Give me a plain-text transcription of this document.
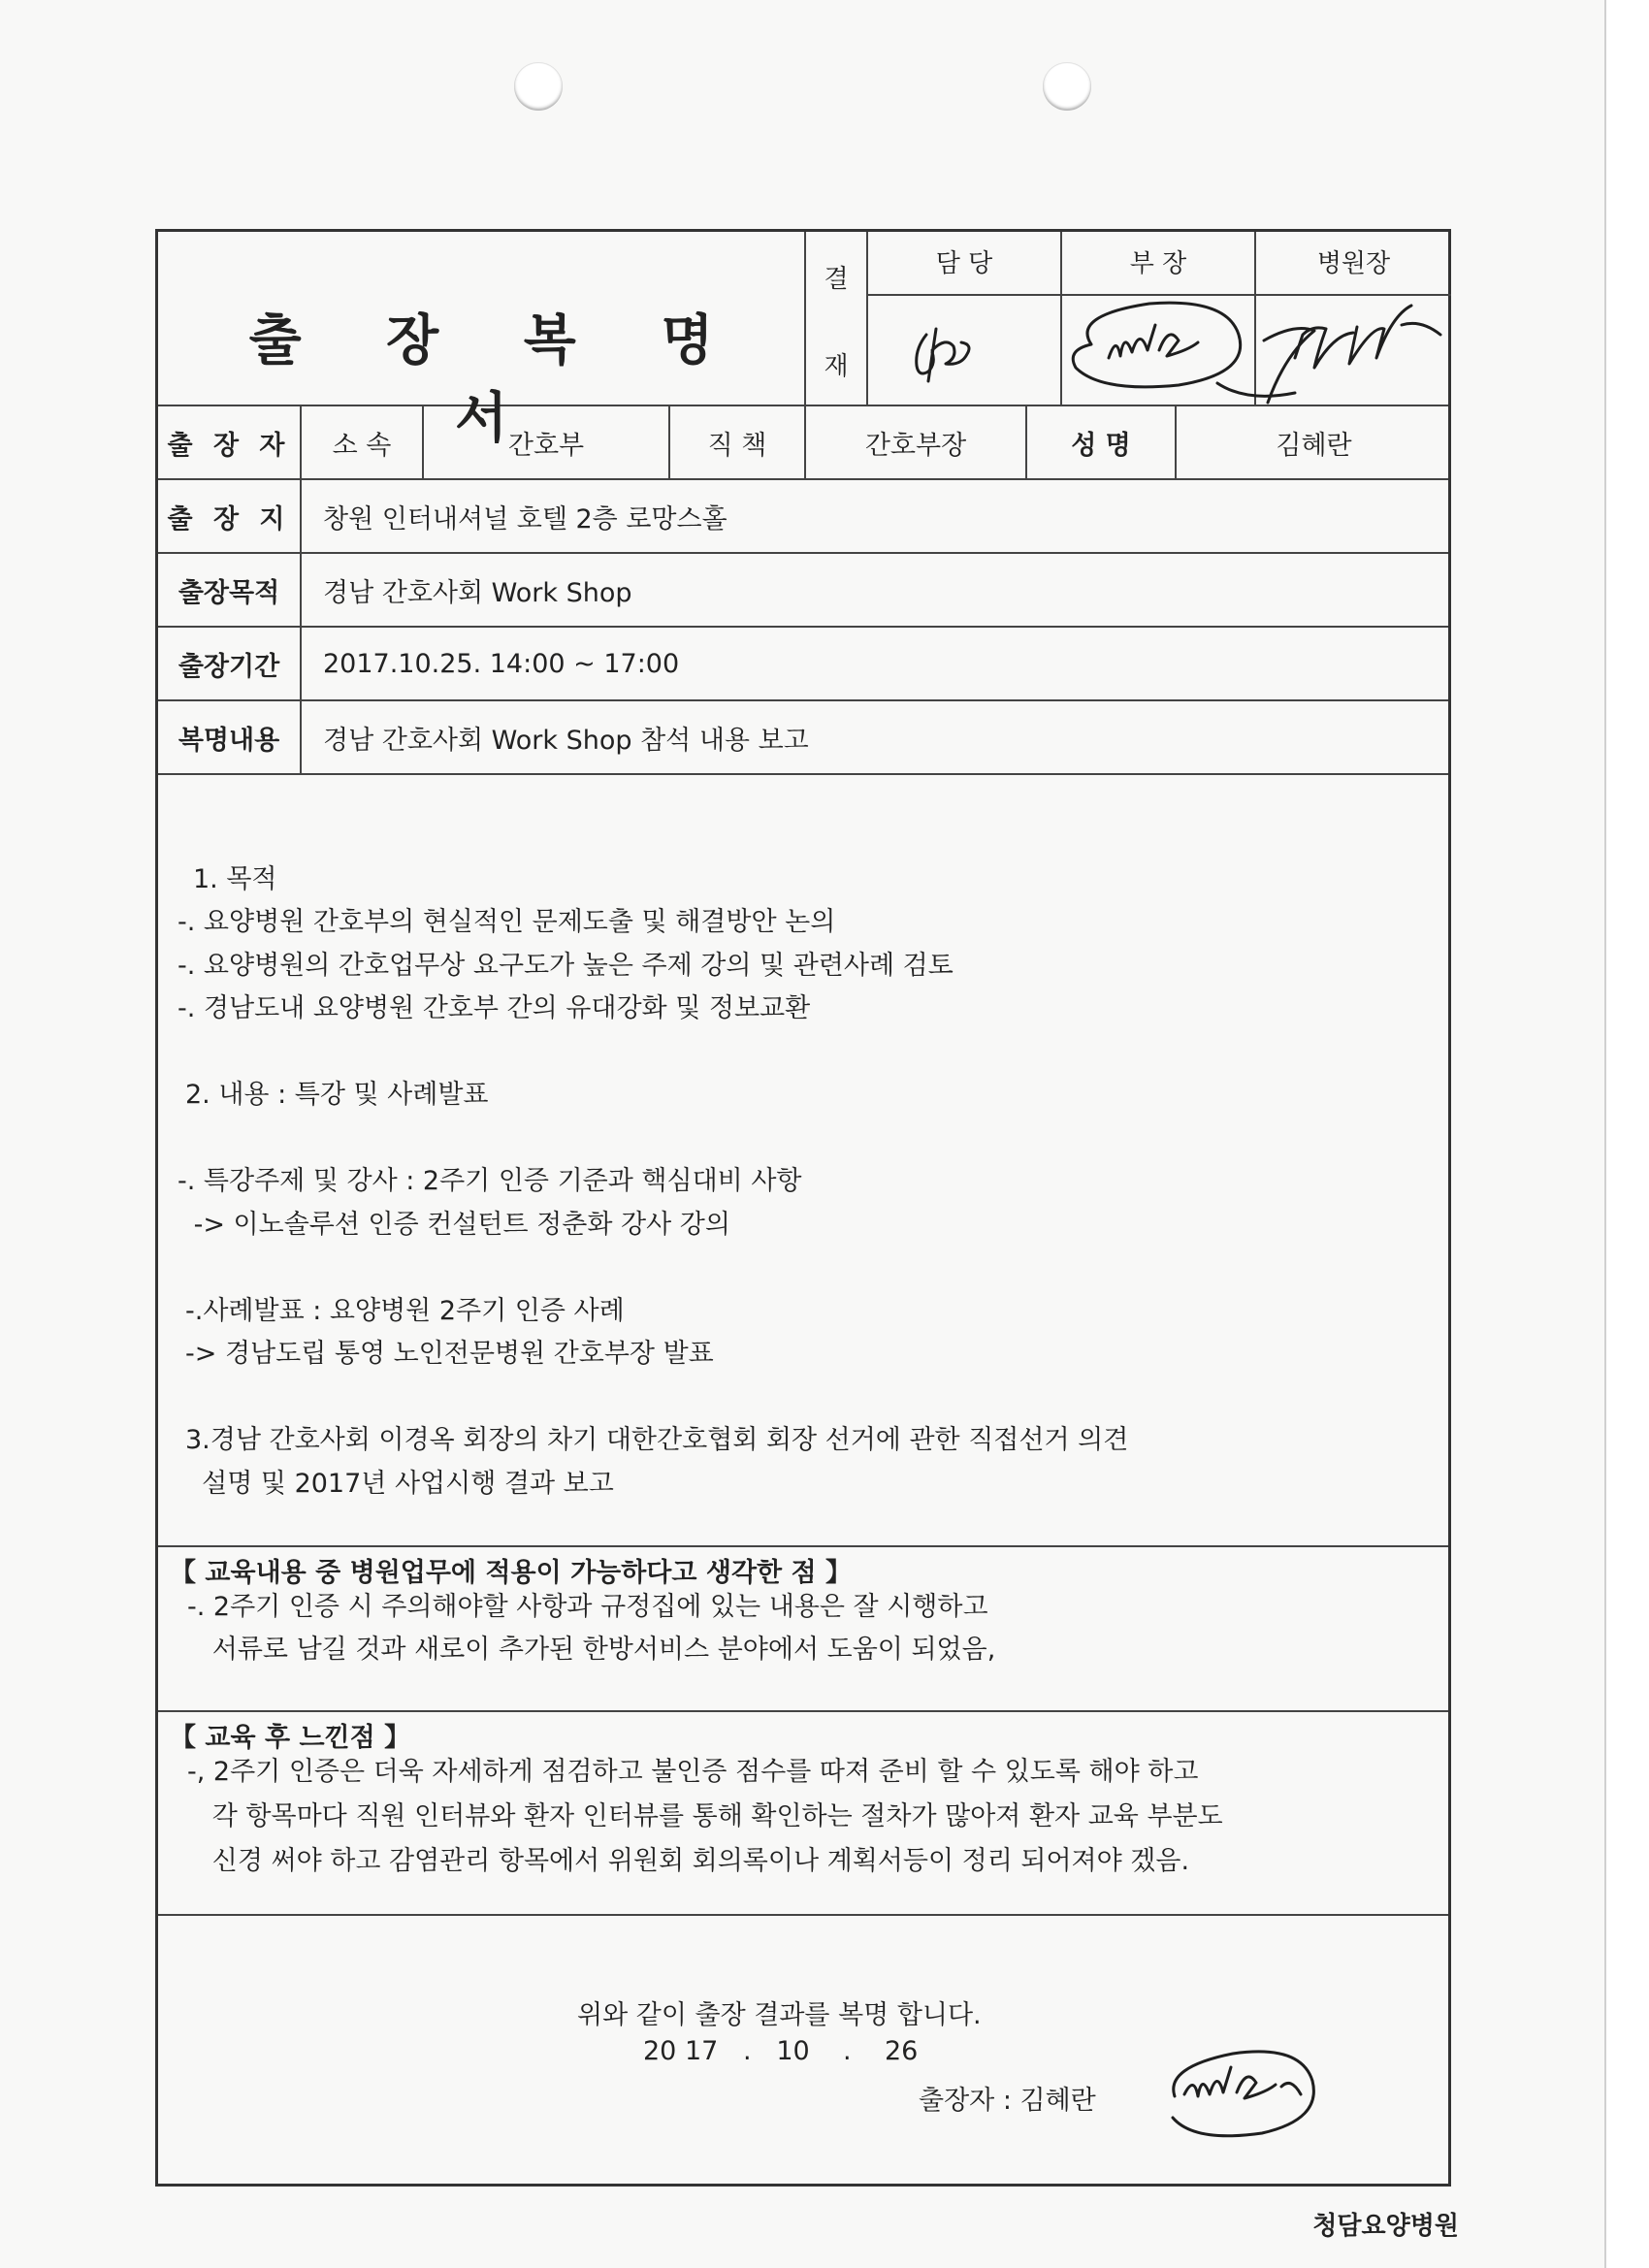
출 장 복 명 서
결
재
담 당	부 장	병원장
출 장 자	소 속	간호부	직 책	간호부장	성 명	김혜란
출 장 지	창원 인터내셔널 호텔 2층 로망스홀
출장목적	경남 간호사회 Work Shop
출장기간	2017.10.25. 14:00 ~ 17:00
복명내용	경남 간호사회 Work Shop 참석 내용 보고
1. 목적
-. 요양병원 간호부의 현실적인 문제도출 및 해결방안 논의
-. 요양병원의 간호업무상 요구도가 높은 주제 강의 및 관련사례 검토
-. 경남도내 요양병원 간호부 간의 유대강화 및 정보교환
2. 내용 : 특강 및 사례발표
-. 특강주제 및 강사 : 2주기 인증 기준과 핵심대비 사항
-> 이노솔루션 인증 컨설턴트 정춘화 강사 강의
-.사례발표 : 요양병원 2주기 인증 사례
-> 경남도립 통영 노인전문병원 간호부장 발표
3.경남 간호사회 이경옥 회장의 차기 대한간호협회 회장 선거에 관한 직접선거 의견
설명 및 2017년 사업시행 결과 보고
【 교육내용 중 병원업무에 적용이 가능하다고 생각한 점 】
-. 2주기 인증 시 주의해야할 사항과 규정집에 있는 내용은 잘 시행하고
서류로 남길 것과 새로이 추가된 한방서비스 분야에서 도움이 되었음,
【 교육 후 느낀점 】
-, 2주기 인증은 더욱 자세하게 점검하고 불인증 점수를 따져 준비 할 수 있도록 해야 하고
각 항목마다 직원 인터뷰와 환자 인터뷰를 통해 확인하는 절차가 많아져 환자 교육 부분도
신경 써야 하고 감염관리 항목에서 위원회 회의록이나 계획서등이 정리 되어져야 겠음.
위와 같이 출장 결과를 복명 합니다.
20 17   .   10    .    26
출장자 : 김혜란
청담요양병원
